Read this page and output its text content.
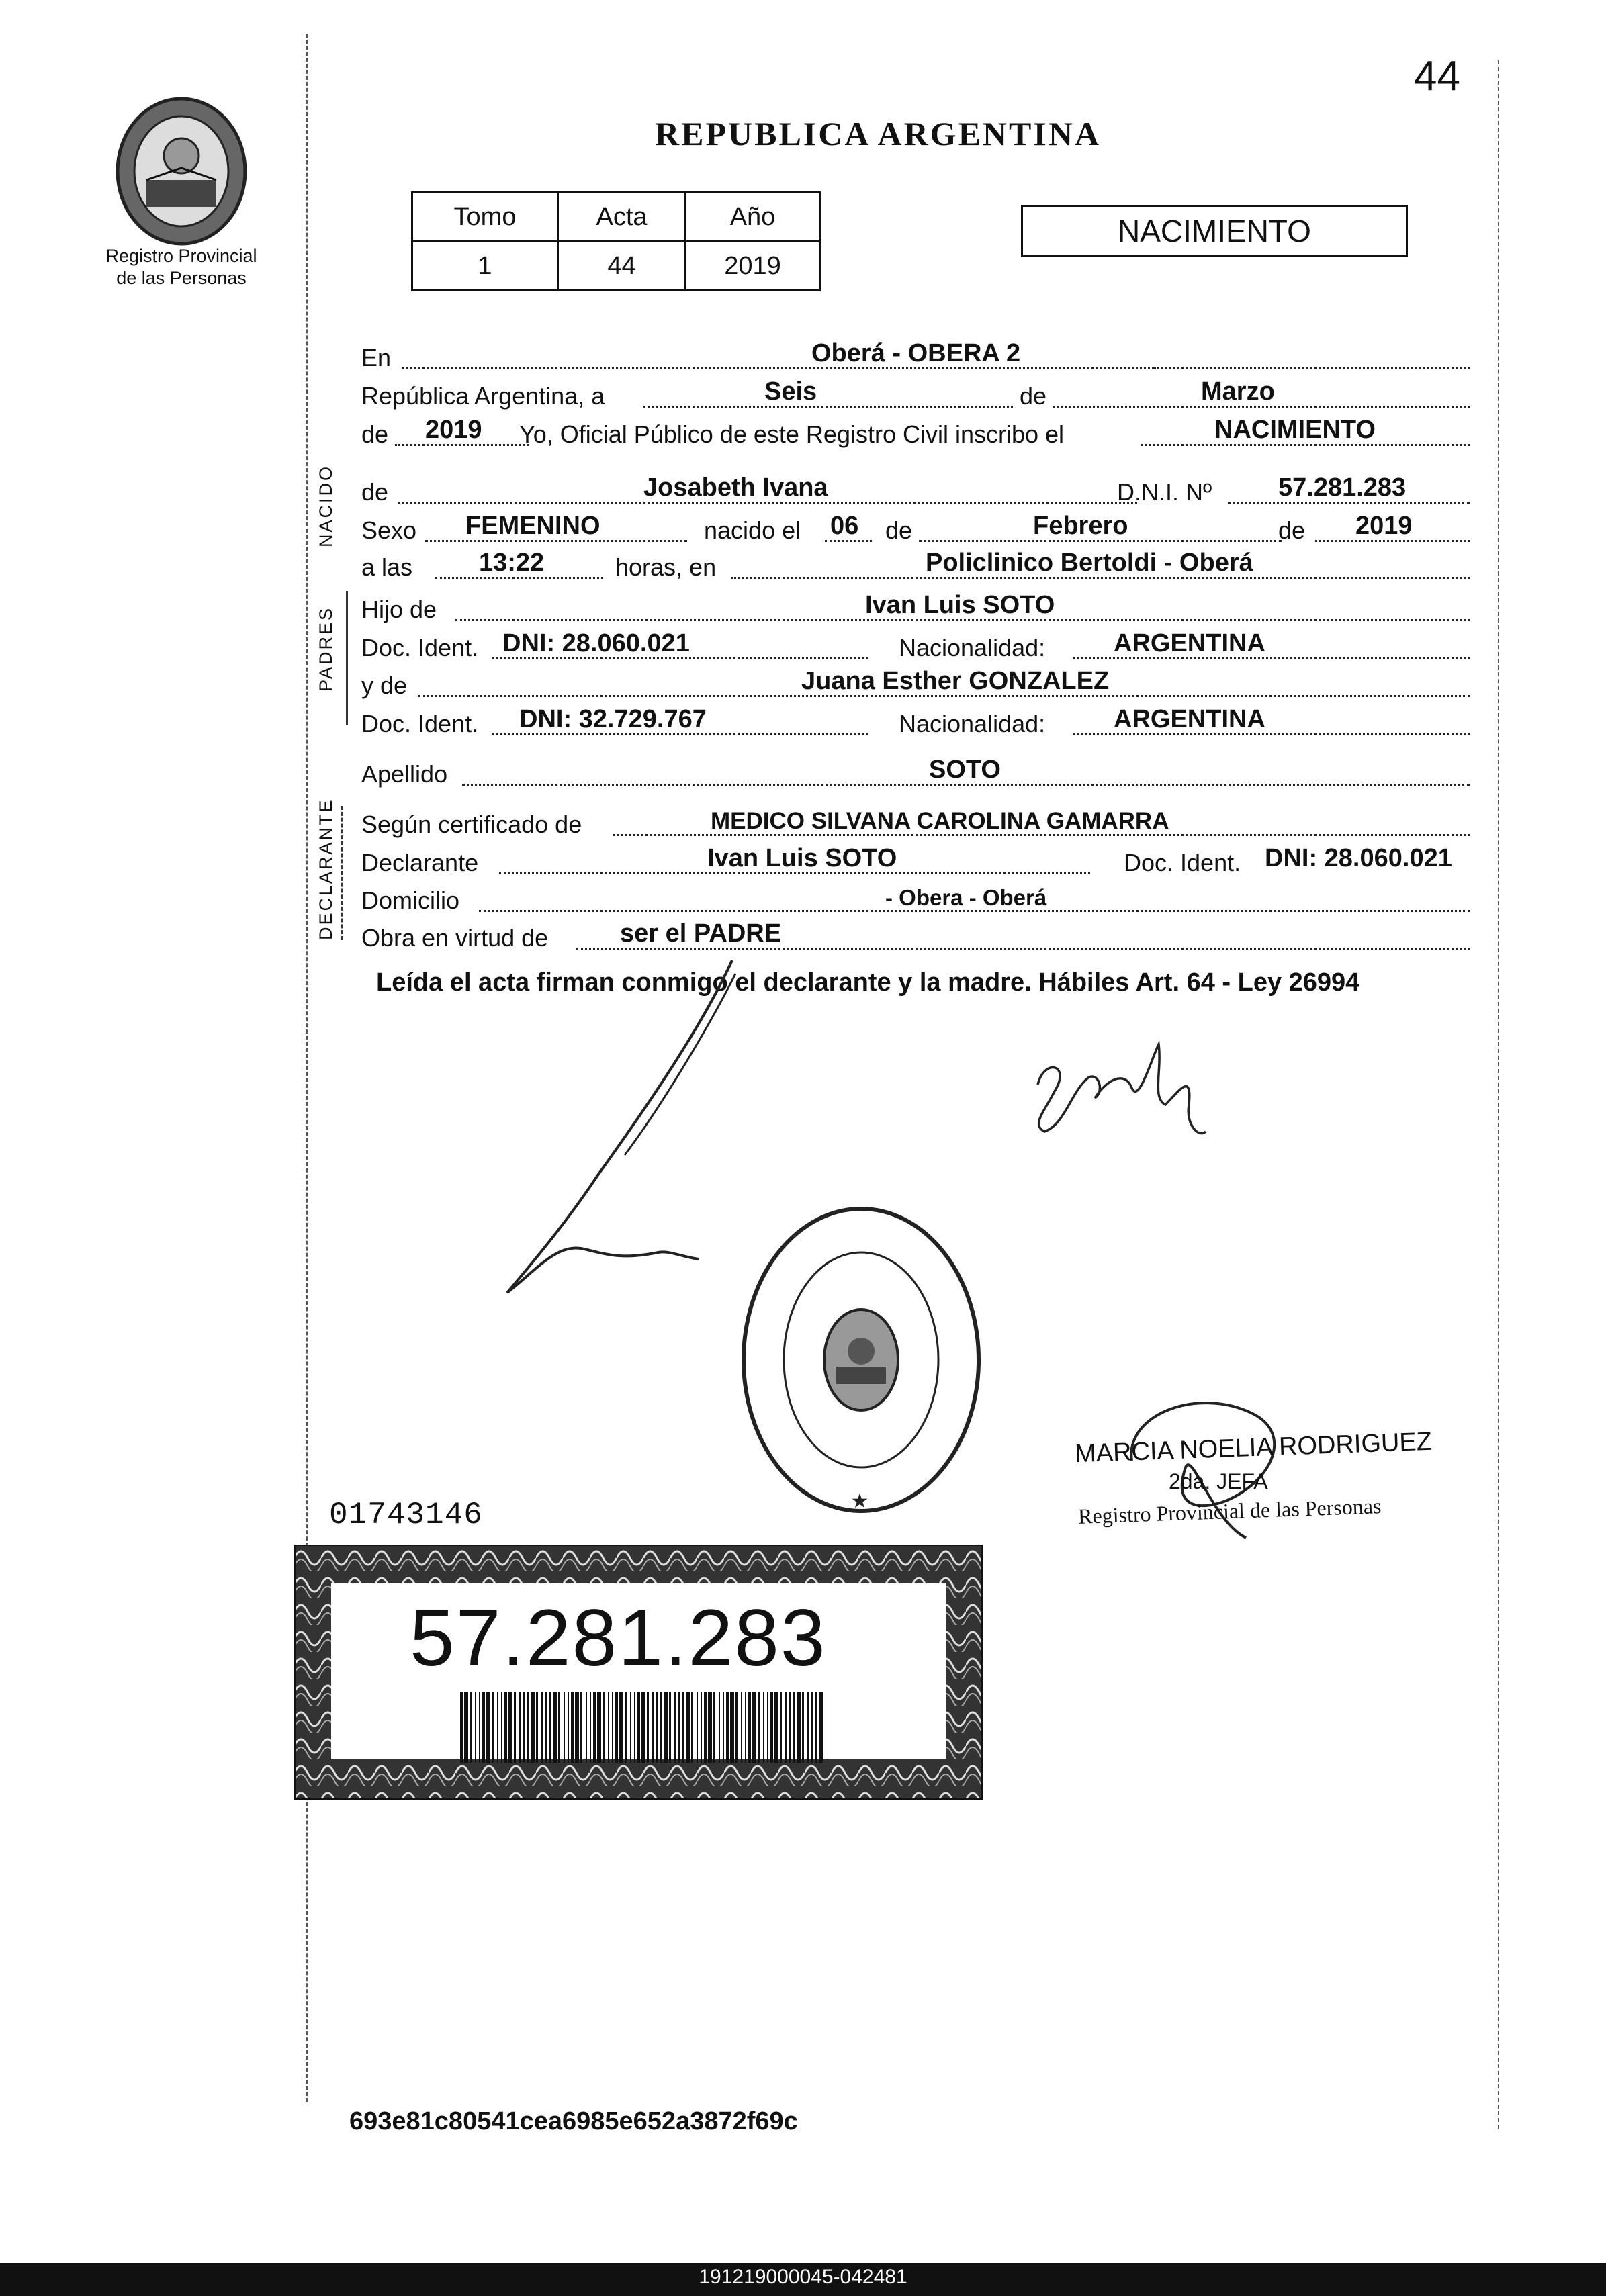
44
REPUBLICA ARGENTINA
Registro Provincial
de las Personas
Tomo	Acta	Año
1	44	2019
NACIMIENTO
NACIDO
PADRES
DECLARANTE
En	Oberá - OBERA 2
República Argentina, a	Seis	de	Marzo
de 2019 Yo, Oficial Público de este Registro Civil inscribo el	NACIMIENTO
de	Josabeth Ivana	D.N.I. Nº	57.281.283
Sexo FEMENINO	nacido el 06 de	Febrero	de 2019
a las	13:22	horas, en	Policlinico Bertoldi - Oberá
Hijo de	Ivan Luis SOTO
Doc. Ident. DNI: 28.060.021	Nacionalidad:	ARGENTINA
y de	Juana Esther GONZALEZ
Doc. Ident. DNI: 32.729.767	Nacionalidad:	ARGENTINA
Apellido	SOTO
Según certificado de	MEDICO SILVANA CAROLINA GAMARRA
Declarante	Ivan Luis SOTO	Doc. Ident. DNI: 28.060.021
Domicilio	- Obera - Oberá
Obra en virtud de	ser el PADRE
Leída el acta firman conmigo el declarante y la madre. Hábiles Art. 64 - Ley 26994
★
MARCIA NOELIA RODRIGUEZ
2da. JEFA
Registro Provincial de las Personas
01743146
57.281.283
693e81c80541cea6985e652a3872f69c
191219000045-042481
